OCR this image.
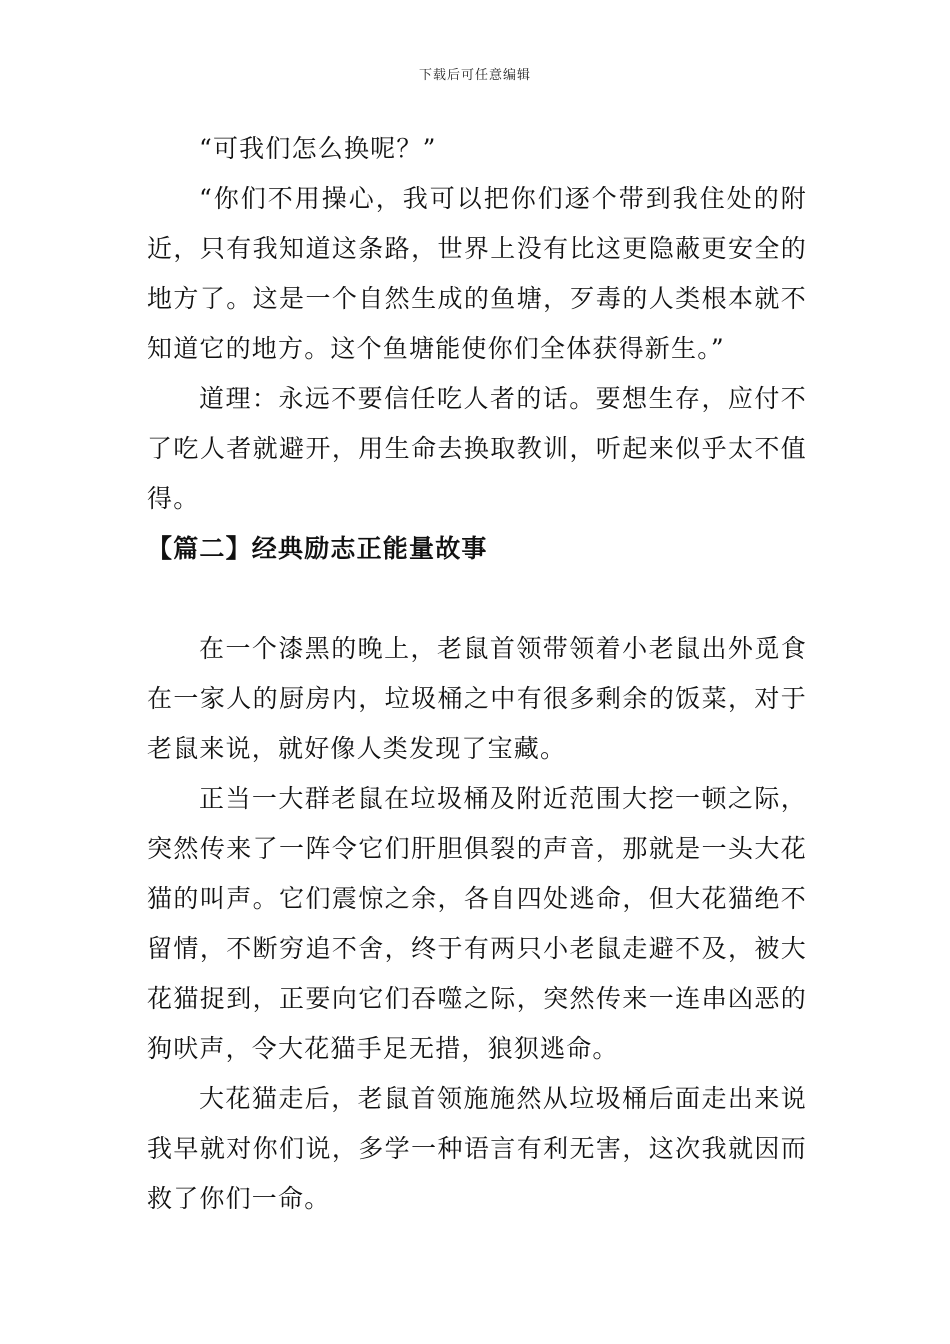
下载后可任意编辑

“可我们怎么换呢？”

“你们不用操心，我可以把你们逐个带到我住处的附近，只有我知道这条路，世界上没有比这更隐蔽更安全的地方了。这是一个自然生成的鱼塘，歹毒的人类根本就不知道它的地方。这个鱼塘能使你们全体获得新生。”

道理：永远不要信任吃人者的话。要想生存，应付不了吃人者就避开，用生命去换取教训，听起来似乎太不值得。

【篇二】经典励志正能量故事

在一个漆黑的晚上，老鼠首领带领着小老鼠出外觅食在一家人的厨房内，垃圾桶之中有很多剩余的饭菜，对于老鼠来说，就好像人类发现了宝藏。

正当一大群老鼠在垃圾桶及附近范围大挖一顿之际，突然传来了一阵令它们肝胆俱裂的声音，那就是一头大花猫的叫声。它们震惊之余，各自四处逃命，但大花猫绝不留情，不断穷追不舍，终于有两只小老鼠走避不及，被大花猫捉到，正要向它们吞噬之际，突然传来一连串凶恶的狗吠声，令大花猫手足无措，狼狈逃命。

大花猫走后，老鼠首领施施然从垃圾桶后面走出来说我早就对你们说，多学一种语言有利无害，这次我就因而救了你们一命。
